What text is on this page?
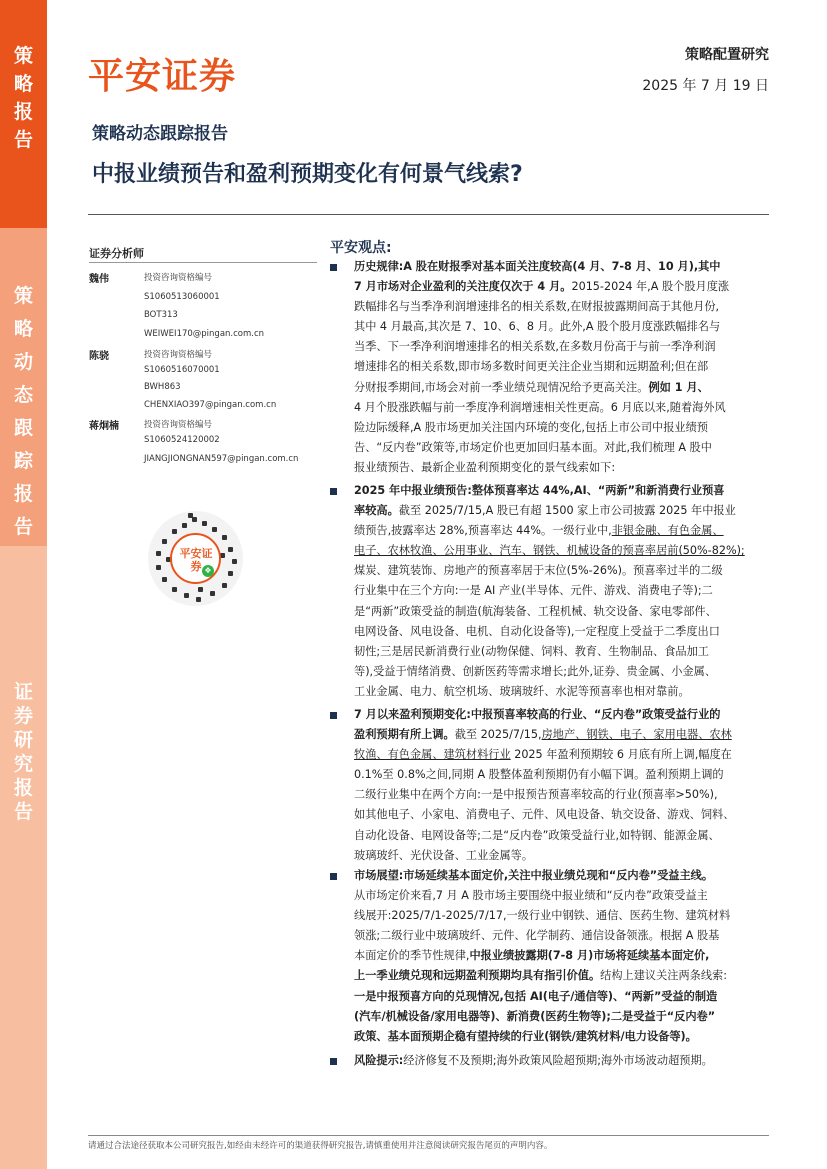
策略报告
策略动态跟踪报告
证券研究报告
平安证券
策略配置研究
2025 年 7 月 19 日
策略动态跟踪报告
中报业绩预告和盈利预期变化有何景气线索?
证券分析师
魏伟	投资咨询资格编号
S1060513060001
BOT313
WEIWEI170@pingan.com.cn
陈骁	投资咨询资格编号
S1060516070001
BWH863
CHENXIAO397@pingan.com.cn
蒋炯楠	投资咨询资格编号
S1060524120002
JIANGJIONGNAN597@pingan.com.cn
平安证券 ❖
平安观点:
历史规律:A 股在财报季对基本面关注度较高(4 月、7-8 月、10 月),其中
7 月市场对企业盈利的关注度仅次于 4 月。2015-2024 年,A 股个股月度涨
跌幅排名与当季净利润增速排名的相关系数,在财报披露期间高于其他月份,
其中 4 月最高,其次是 7、10、6、8 月。此外,A 股个股月度涨跌幅排名与
当季、下一季净利润增速排名的相关系数,在多数月份高于与前一季净利润
增速排名的相关系数,即市场多数时间更关注企业当期和远期盈利;但在部
分财报季期间,市场会对前一季业绩兑现情况给予更高关注。例如 1 月、
4 月个股涨跌幅与前一季度净利润增速相关性更高。6 月底以来,随着海外风
险边际缓释,A 股市场更加关注国内环境的变化,包括上市公司中报业绩预
告、“反内卷”政策等,市场定价也更加回归基本面。对此,我们梳理 A 股中
报业绩预告、最新企业盈利预期变化的景气线索如下:
2025 年中报业绩预告:整体预喜率达 44%,AI、“两新”和新消费行业预喜
率较高。截至 2025/7/15,A 股已有超 1500 家上市公司披露 2025 年中报业
绩预告,披露率达 28%,预喜率达 44%。一级行业中,非银金融、有色金属、
电子、农林牧渔、公用事业、汽车、钢铁、机械设备的预喜率居前(50%-82%);
煤炭、建筑装饰、房地产的预喜率居于末位(5%-26%)。预喜率过半的二级
行业集中在三个方向:一是 AI 产业(半导体、元件、游戏、消费电子等);二
是“两新”政策受益的制造(航海装备、工程机械、轨交设备、家电零部件、
电网设备、风电设备、电机、自动化设备等),一定程度上受益于二季度出口
韧性;三是居民新消费行业(动物保健、饲料、教育、生物制品、食品加工
等),受益于情绪消费、创新医药等需求增长;此外,证券、贵金属、小金属、
工业金属、电力、航空机场、玻璃玻纤、水泥等预喜率也相对靠前。
7 月以来盈利预期变化:中报预喜率较高的行业、“反内卷”政策受益行业的
盈利预期有所上调。截至 2025/7/15,房地产、钢铁、电子、家用电器、农林
牧渔、有色金属、建筑材料行业 2025 年盈利预期较 6 月底有所上调,幅度在
0.1%至 0.8%之间,同期 A 股整体盈利预期仍有小幅下调。盈利预期上调的
二级行业集中在两个方向:一是中报预告预喜率较高的行业(预喜率>50%),
如其他电子、小家电、消费电子、元件、风电设备、轨交设备、游戏、饲料、
自动化设备、电网设备等;二是“反内卷”政策受益行业,如特钢、能源金属、
玻璃玻纤、光伏设备、工业金属等。
市场展望:市场延续基本面定价,关注中报业绩兑现和“反内卷”受益主线。
从市场定价来看,7 月 A 股市场主要围绕中报业绩和“反内卷”政策受益主
线展开:2025/7/1-2025/7/17,一级行业中钢铁、通信、医药生物、建筑材料
领涨;二级行业中玻璃玻纤、元件、化学制药、通信设备领涨。根据 A 股基
本面定价的季节性规律,中报业绩披露期(7-8 月)市场将延续基本面定价,
上一季业绩兑现和远期盈利预期均具有指引价值。结构上建议关注两条线索:
一是中报预喜方向的兑现情况,包括 AI(电子/通信等)、“两新”受益的制造
(汽车/机械设备/家用电器等)、新消费(医药生物等);二是受益于“反内卷”
政策、基本面预期企稳有望持续的行业(钢铁/建筑材料/电力设备等)。
风险提示:经济修复不及预期;海外政策风险超预期;海外市场波动超预期。
请通过合法途径获取本公司研究报告,如经由未经许可的渠道获得研究报告,请慎重使用并注意阅读研究报告尾页的声明内容。
